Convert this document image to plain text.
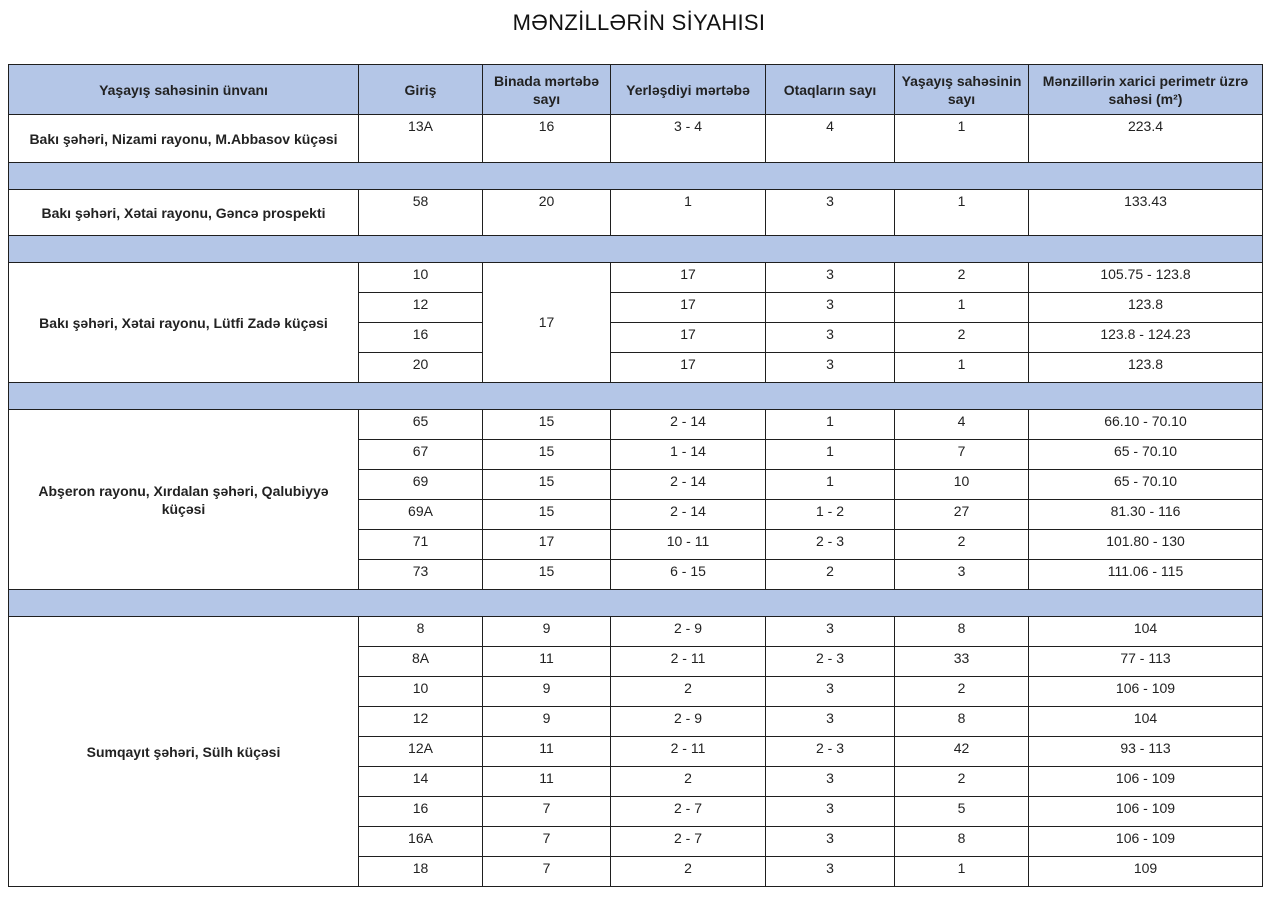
MƏNZİLLƏRİN SİYAHISI
Yaşayış sahəsinin ünvanı	Giriş	Binada mərtəbə sayı	Yerləşdiyi mərtəbə	Otaqların sayı	Yaşayış sahəsinin sayı	Mənzillərin xarici perimetr üzrə sahəsi (m²)
Bakı şəhəri, Nizami rayonu, M.Abbasov küçəsi	13A	16	3 - 4	4	1	223.4

Bakı şəhəri, Xətai rayonu, Gəncə prospekti	58	20	1	3	1	133.43

Bakı şəhəri, Xətai rayonu, Lütfi Zadə küçəsi	10	17	17	3	2	105.75 - 123.8
	12		17	3	1	123.8
	16		17	3	2	123.8 - 124.23
	20		17	3	1	123.8

Abşeron rayonu, Xırdalan şəhəri, Qalubiyyə küçəsi	65	15	2 - 14	1	4	66.10 - 70.10
	67	15	1 - 14	1	7	65 - 70.10
	69	15	2 - 14	1	10	65 - 70.10
	69A	15	2 - 14	1 - 2	27	81.30 - 116
	71	17	10 - 11	2 - 3	2	101.80 - 130
	73	15	6 - 15	2	3	111.06 - 115

Sumqayıt şəhəri, Sülh küçəsi	8	9	2 - 9	3	8	104
	8A	11	2 - 11	2 - 3	33	77 - 113
	10	9	2	3	2	106 - 109
	12	9	2 - 9	3	8	104
	12A	11	2 - 11	2 - 3	42	93 - 113
	14	11	2	3	2	106 - 109
	16	7	2 - 7	3	5	106 - 109
	16A	7	2 - 7	3	8	106 - 109
	18	7	2	3	1	109
